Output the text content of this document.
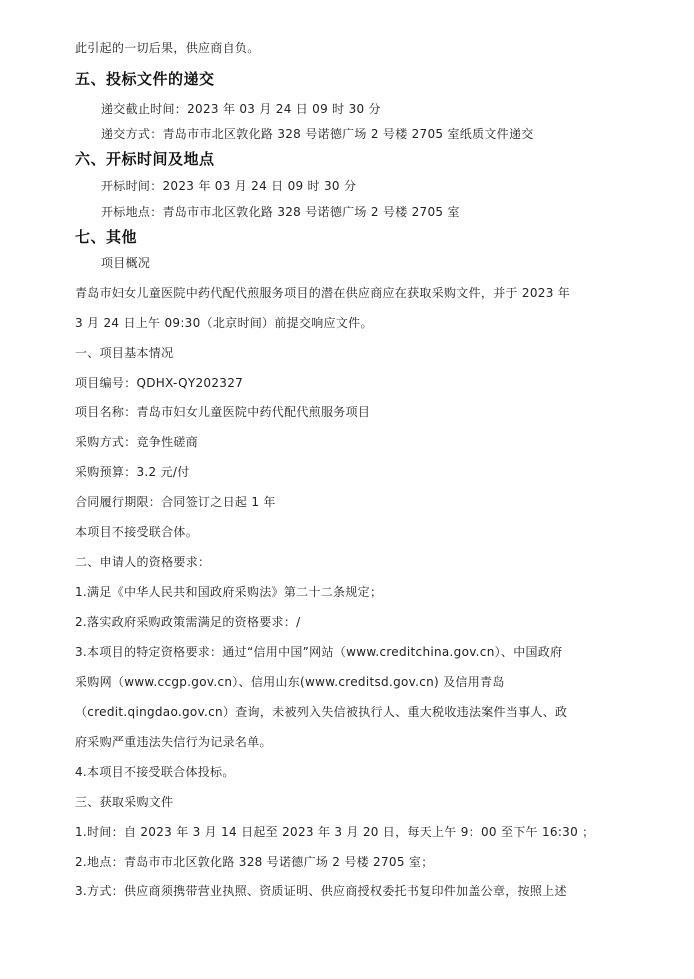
此引起的一切后果，供应商自负。
五、投标文件的递交
递交截止时间：2023 年 03 月 24 日 09 时 30 分
递交方式：青岛市市北区敦化路 328 号诺德广场 2 号楼 2705 室纸质文件递交
六、开标时间及地点
开标时间：2023 年 03 月 24 日 09 时 30 分
开标地点：青岛市市北区敦化路 328 号诺德广场 2 号楼 2705 室
七、其他
项目概况
青岛市妇女儿童医院中药代配代煎服务项目的潜在供应商应在获取采购文件，并于 2023 年
3 月 24 日上午 09:30（北京时间）前提交响应文件。
一、项目基本情况
项目编号：QDHX-QY202327
项目名称：青岛市妇女儿童医院中药代配代煎服务项目
采购方式：竞争性磋商
采购预算：3.2 元/付
合同履行期限：合同签订之日起 1 年
本项目不接受联合体。
二、申请人的资格要求：
1.满足《中华人民共和国政府采购法》第二十二条规定；
2.落实政府采购政策需满足的资格要求：/
3.本项目的特定资格要求：通过“信用中国”网站（www.creditchina.gov.cn）、中国政府
采购网（www.ccgp.gov.cn）、信用山东(www.creditsd.gov.cn) 及信用青岛
（credit.qingdao.gov.cn）查询，未被列入失信被执行人、重大税收违法案件当事人、政
府采购严重违法失信行为记录名单。
4.本项目不接受联合体投标。
三、获取采购文件
1.时间：自 2023 年 3 月 14 日起至 2023 年 3 月 20 日，每天上午 9：00 至下午 16:30 ；
2.地点：青岛市市北区敦化路 328 号诺德广场 2 号楼 2705 室；
3.方式：供应商须携带营业执照、资质证明、供应商授权委托书复印件加盖公章，按照上述
